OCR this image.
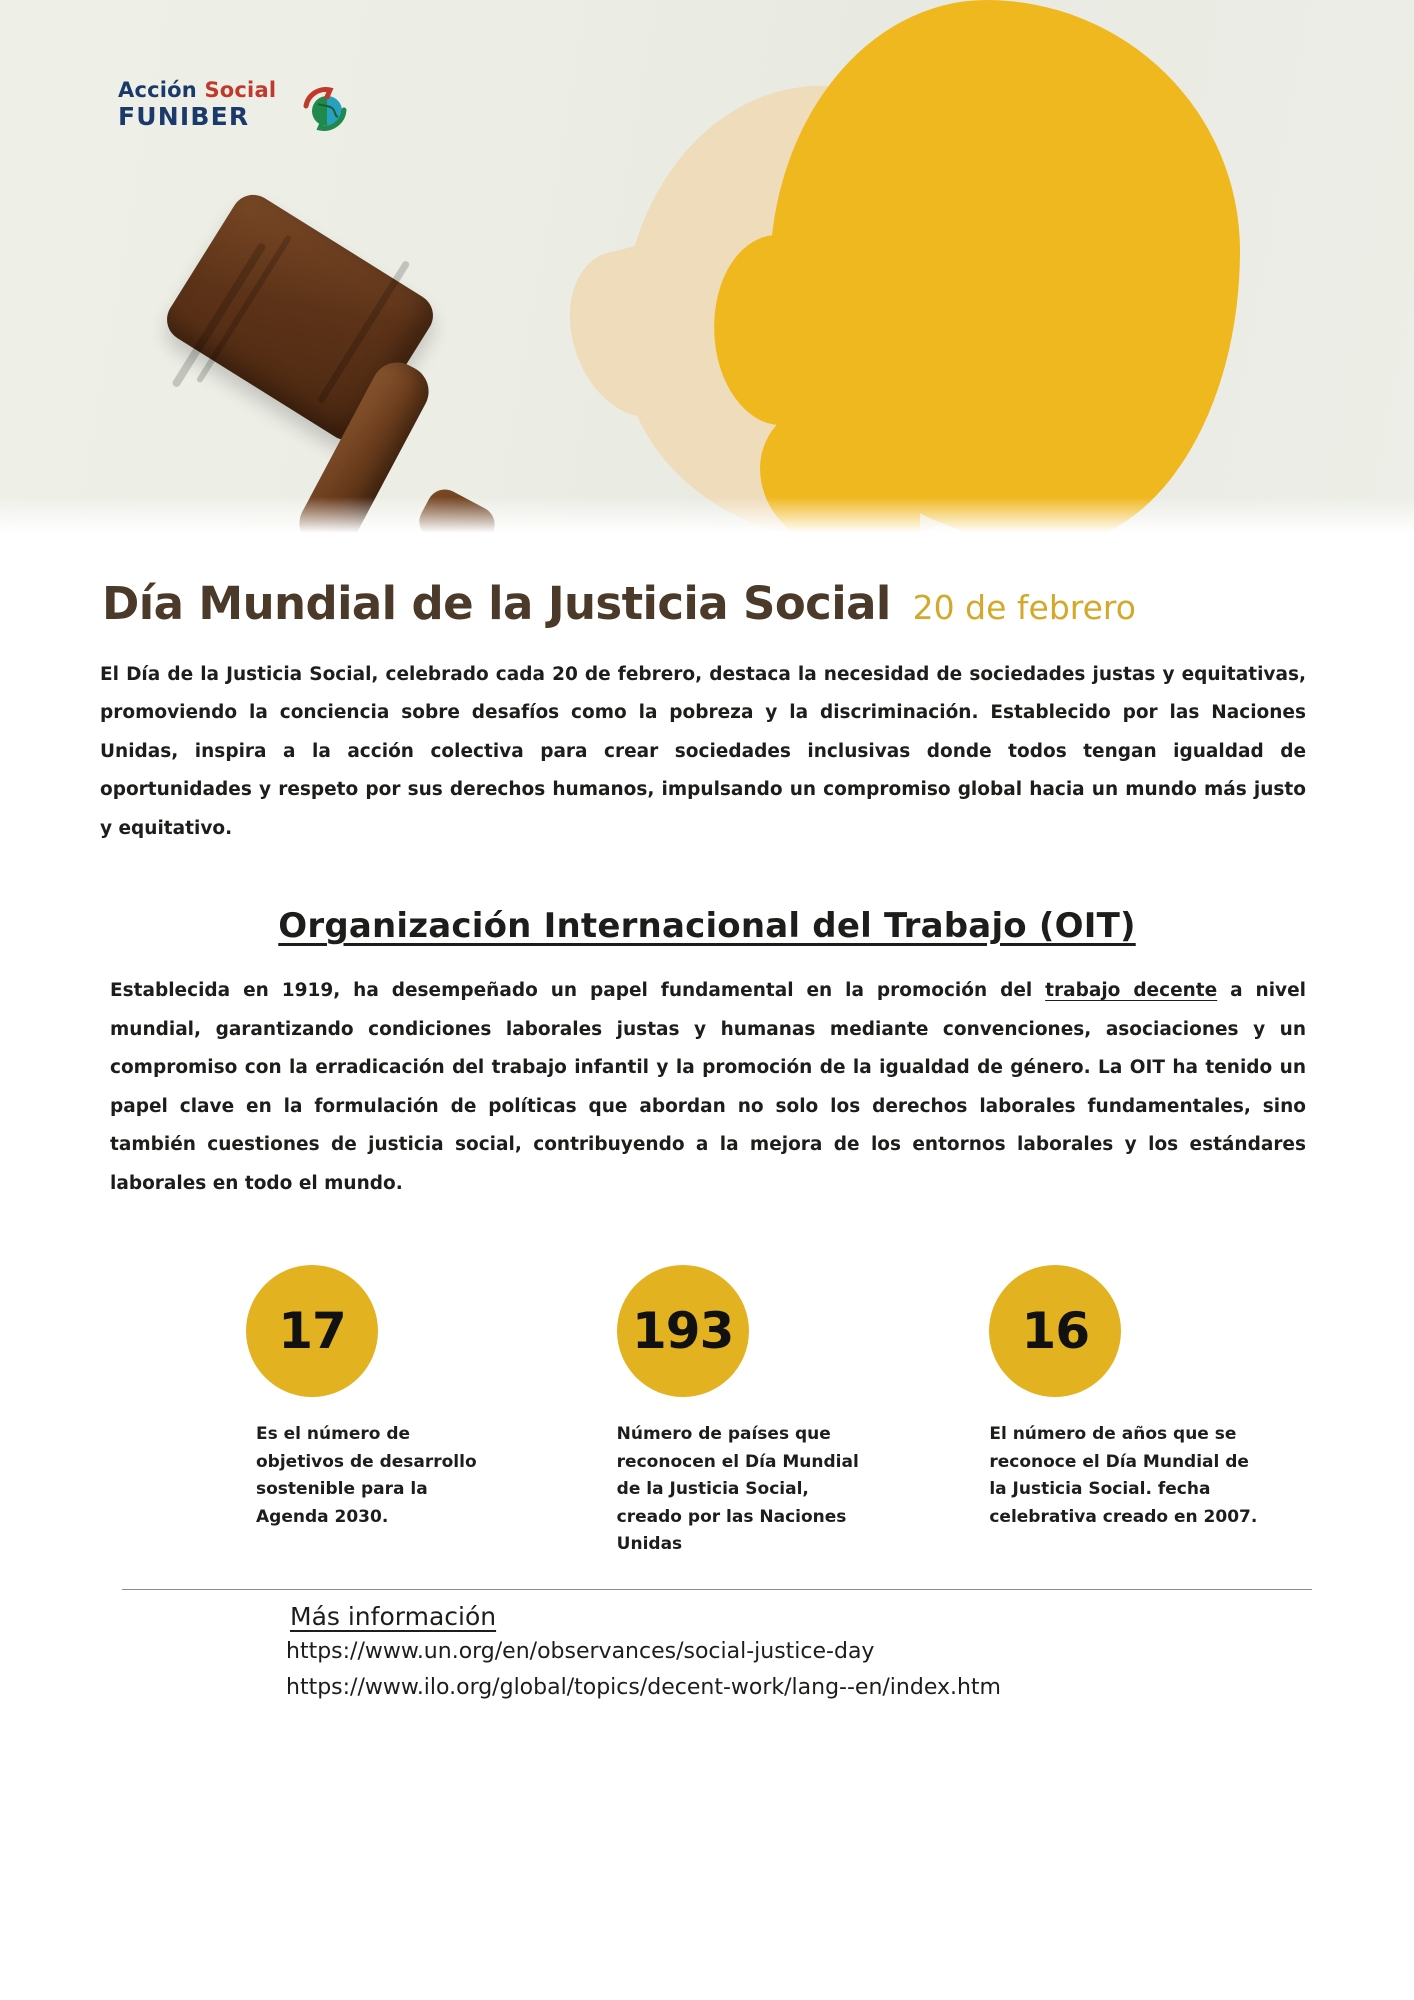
Acción Social
FUNIBER
Día Mundial de la Justicia Social 20 de febrero

El Día de la Justicia Social, celebrado cada 20 de febrero, destaca la necesidad de sociedades justas y equitativas, promoviendo la conciencia sobre desafíos como la pobreza y la discriminación. Establecido por las Naciones Unidas, inspira a la acción colectiva para crear sociedades inclusivas donde todos tengan igualdad de oportunidades y respeto por sus derechos humanos, impulsando un compromiso global hacia un mundo más justo y equitativo.

Organización Internacional del Trabajo (OIT)

Establecida en 1919, ha desempeñado un papel fundamental en la promoción del trabajo decente a nivel mundial, garantizando condiciones laborales justas y humanas mediante convenciones, asociaciones y un compromiso con la erradicación del trabajo infantil y la promoción de la igualdad de género. La OIT ha tenido un papel clave en la formulación de políticas que abordan no solo los derechos laborales fundamentales, sino también cuestiones de justicia social, contribuyendo a la mejora de los entornos laborales y los estándares laborales en todo el mundo.

17
Es el número de objetivos de desarrollo sostenible para la Agenda 2030.
193
Número de países que reconocen el Día Mundial de la Justicia Social, creado por las Naciones Unidas
16
El número de años que se reconoce el Día Mundial de la Justicia Social. fecha celebrativa creado en 2007.
Más información
https://www.un.org/en/observances/social-justice-day
https://www.ilo.org/global/topics/decent-work/lang--en/index.htm
